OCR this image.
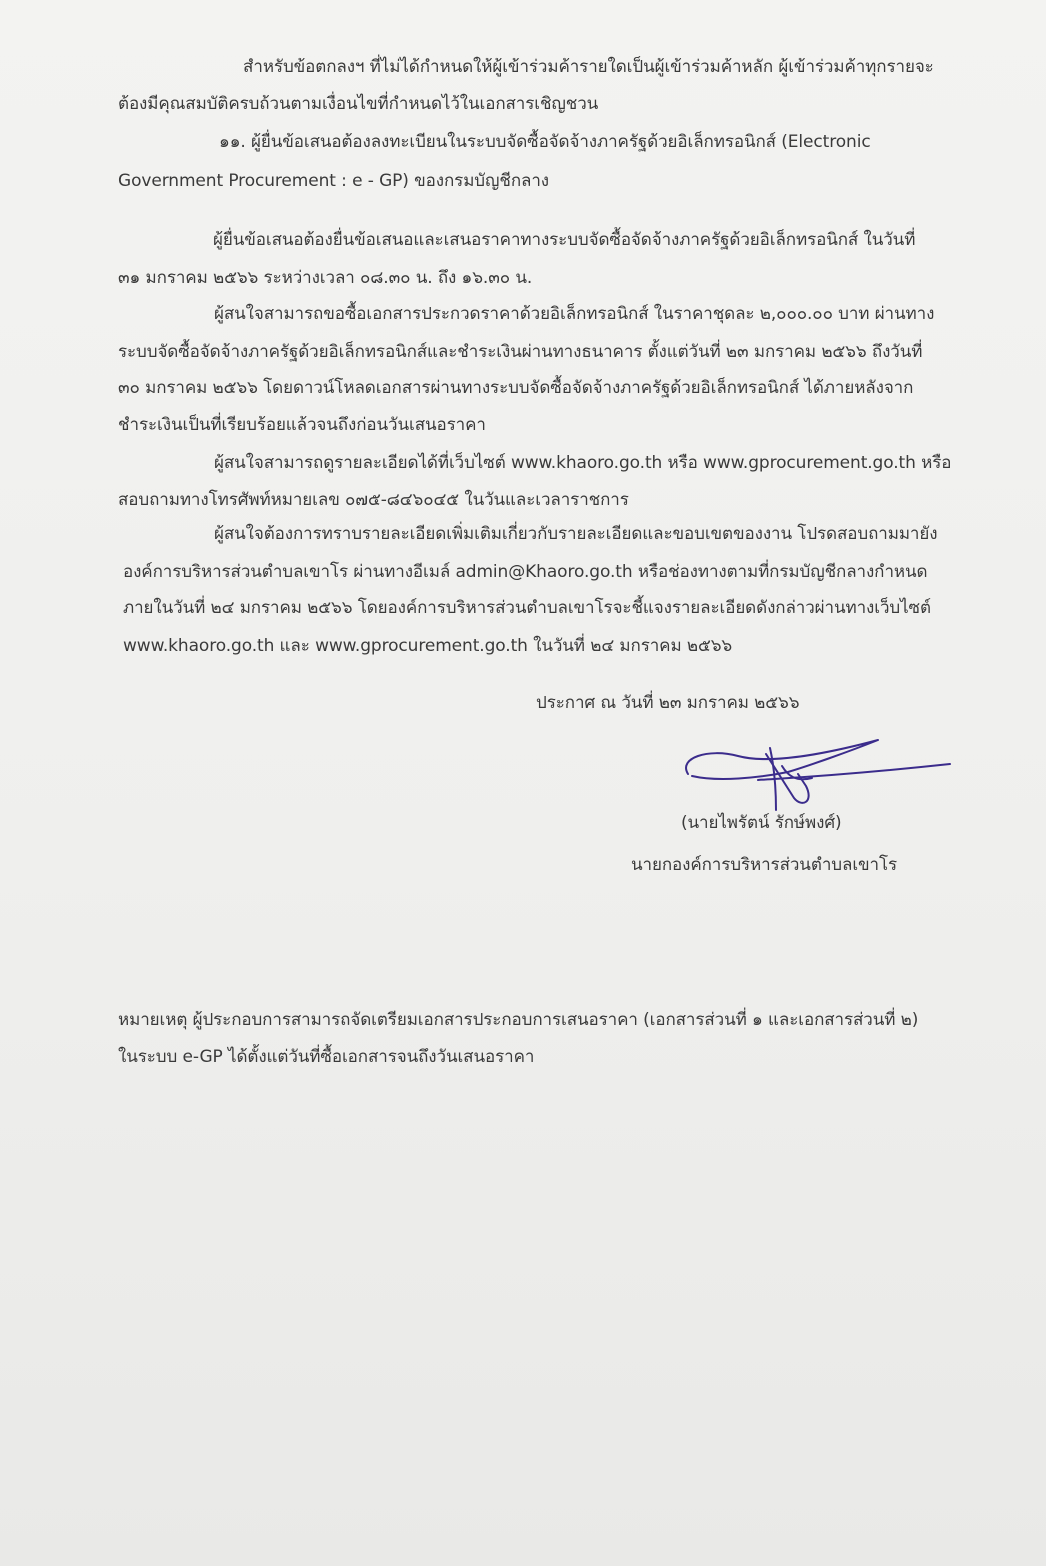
สำหรับข้อตกลงฯ ที่ไม่ได้กำหนดให้ผู้เข้าร่วมค้ารายใดเป็นผู้เข้าร่วมค้าหลัก ผู้เข้าร่วมค้าทุกรายจะ

ต้องมีคุณสมบัติครบถ้วนตามเงื่อนไขที่กำหนดไว้ในเอกสารเชิญชวน

๑๑. ผู้ยื่นข้อเสนอต้องลงทะเบียนในระบบจัดซื้อจัดจ้างภาครัฐด้วยอิเล็กทรอนิกส์ (Electronic

Government Procurement : e - GP) ของกรมบัญชีกลาง

ผู้ยื่นข้อเสนอต้องยื่นข้อเสนอและเสนอราคาทางระบบจัดซื้อจัดจ้างภาครัฐด้วยอิเล็กทรอนิกส์ ในวันที่

๓๑ มกราคม ๒๕๖๖ ระหว่างเวลา ๐๘.๓๐ น. ถึง ๑๖.๓๐ น.

ผู้สนใจสามารถขอซื้อเอกสารประกวดราคาด้วยอิเล็กทรอนิกส์ ในราคาชุดละ ๒,๐๐๐.๐๐ บาท ผ่านทาง

ระบบจัดซื้อจัดจ้างภาครัฐด้วยอิเล็กทรอนิกส์และชำระเงินผ่านทางธนาคาร ตั้งแต่วันที่ ๒๓ มกราคม ๒๕๖๖ ถึงวันที่

๓๐ มกราคม ๒๕๖๖ โดยดาวน์โหลดเอกสารผ่านทางระบบจัดซื้อจัดจ้างภาครัฐด้วยอิเล็กทรอนิกส์ ได้ภายหลังจาก

ชำระเงินเป็นที่เรียบร้อยแล้วจนถึงก่อนวันเสนอราคา

ผู้สนใจสามารถดูรายละเอียดได้ที่เว็บไซต์ www.khaoro.go.th หรือ www.gprocurement.go.th หรือ

สอบถามทางโทรศัพท์หมายเลข ๐๗๕-๘๔๖๐๔๕ ในวันและเวลาราชการ

ผู้สนใจต้องการทราบรายละเอียดเพิ่มเติมเกี่ยวกับรายละเอียดและขอบเขตของงาน โปรดสอบถามมายัง

องค์การบริหารส่วนตำบลเขาโร ผ่านทางอีเมล์ admin@Khaoro.go.th หรือช่องทางตามที่กรมบัญชีกลางกำหนด

ภายในวันที่ ๒๔ มกราคม ๒๕๖๖ โดยองค์การบริหารส่วนตำบลเขาโรจะชี้แจงรายละเอียดดังกล่าวผ่านทางเว็บไซต์

www.khaoro.go.th และ www.gprocurement.go.th ในวันที่ ๒๔ มกราคม ๒๕๖๖

ประกาศ ณ วันที่ ๒๓ มกราคม ๒๕๖๖

(นายไพรัตน์ รักษ์พงศ์)

นายกองค์การบริหารส่วนตำบลเขาโร

หมายเหตุ ผู้ประกอบการสามารถจัดเตรียมเอกสารประกอบการเสนอราคา (เอกสารส่วนที่ ๑ และเอกสารส่วนที่ ๒)

ในระบบ e-GP ได้ตั้งแต่วันที่ซื้อเอกสารจนถึงวันเสนอราคา
